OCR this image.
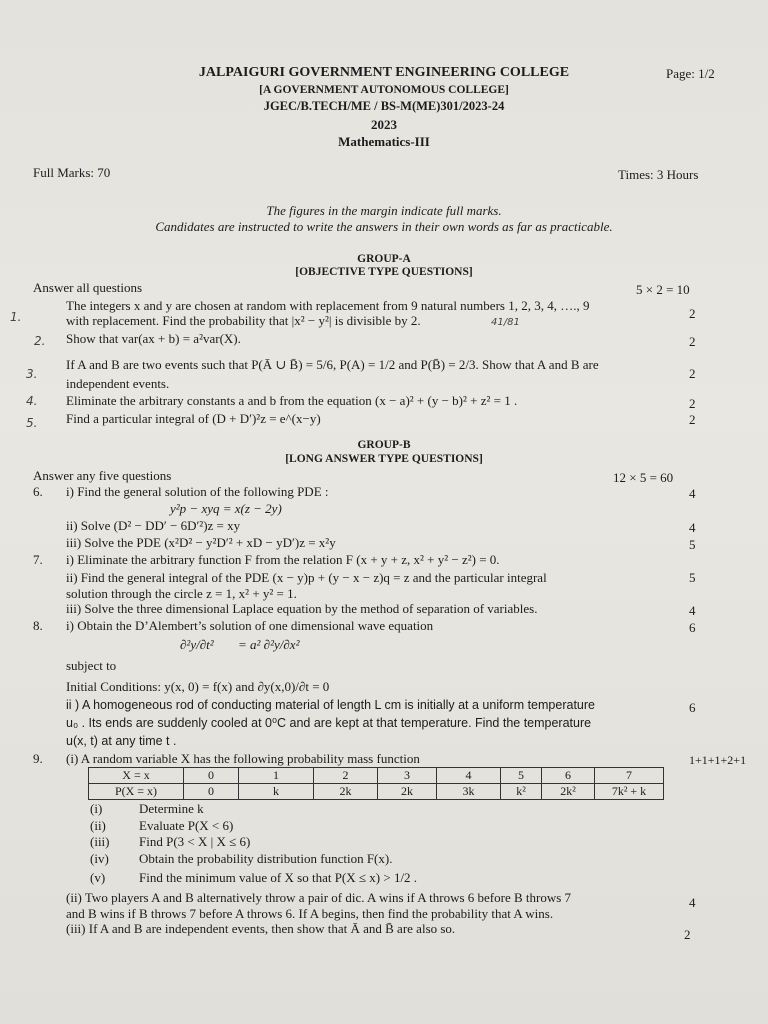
JALPAIGURI GOVERNMENT ENGINEERING COLLEGE	Page: 1/2
[A GOVERNMENT AUTONOMOUS COLLEGE]
JGEC/B.TECH/ME / BS-M(ME)301/2023-24
2023
Mathematics-III
Full Marks: 70	Times: 3 Hours
The figures in the margin indicate full marks.
Candidates are instructed to write the answers in their own words as far as practicable.
GROUP-A
[OBJECTIVE TYPE QUESTIONS]
Answer all questions	5 × 2 = 10
1.
The integers x and y are chosen at random with replacement from 9 natural numbers 1, 2, 3, 4, …., 9
with replacement. Find the probability that |x² − y²| is divisible by 2.	41/81
2
2. Show that var(ax + b) = a²var(X).	2
3.
If A and B are two events such that P(Ā ∪ B̄) = 5/6, P(A) = 1/2 and P(B̄) = 2/3. Show that A and B are
independent events.
2
4. Eliminate the arbitrary constants a and b from the equation (x − a)² + (y − b)² + z² = 1 .	2
5. Find a particular integral of (D + D′)²z = e^(x−y)	2
GROUP-B
[LONG ANSWER TYPE QUESTIONS]
Answer any five questions	12 × 5 = 60
6. i) Find the general solution of the following PDE :	4
y²p − xyq = x(z − 2y)
ii) Solve (D² − DD′ − 6D′²)z = xy	4
iii) Solve the PDE (x²D² − y²D′² + xD − yD′)z = x²y	5
7. i) Eliminate the arbitrary function F from the relation F (x + y + z, x² + y² − z²) = 0.
ii) Find the general integral of the PDE (x − y)p + (y − x − z)q = z and the particular integral	5
solution through the circle z = 1, x² + y² = 1.
iii) Solve the three dimensional Laplace equation by the method of separation of variables.	4
8. i) Obtain the D’Alembert’s solution of one dimensional wave equation	6
∂²y/∂t² = a² ∂²y/∂x²
subject to
Initial Conditions: y(x, 0) = f(x) and ∂y(x,0)/∂t = 0
ii ) A homogeneous rod of conducting material of length L cm is initially at a uniform temperature	6
u₀ . Its ends are suddenly cooled at 0⁰C and are kept at that temperature. Find the temperature
u(x, t) at any time t .
9. (i) A random variable X has the following probability mass function	1+1+1+2+1
X = x	0	1	2	3	4	5	6	7
P(X = x)	0	k	2k	2k	3k	k²	2k²	7k² + k
(i)	Determine k
(ii)	Evaluate P(X < 6)
(iii) Find P(3 < X | X ≤ 6)
(iv) Obtain the probability distribution function F(x).
(v)	Find the minimum value of X so that P(X ≤ x) > 1/2 .
(ii) Two players A and B alternatively throw a pair of dic. A wins if A throws 6 before B throws 7	4
and B wins if B throws 7 before A throws 6. If A begins, then find the probability that A wins.
(iii) If A and B are independent events, then show that Ā and B̄ are also so.	2
